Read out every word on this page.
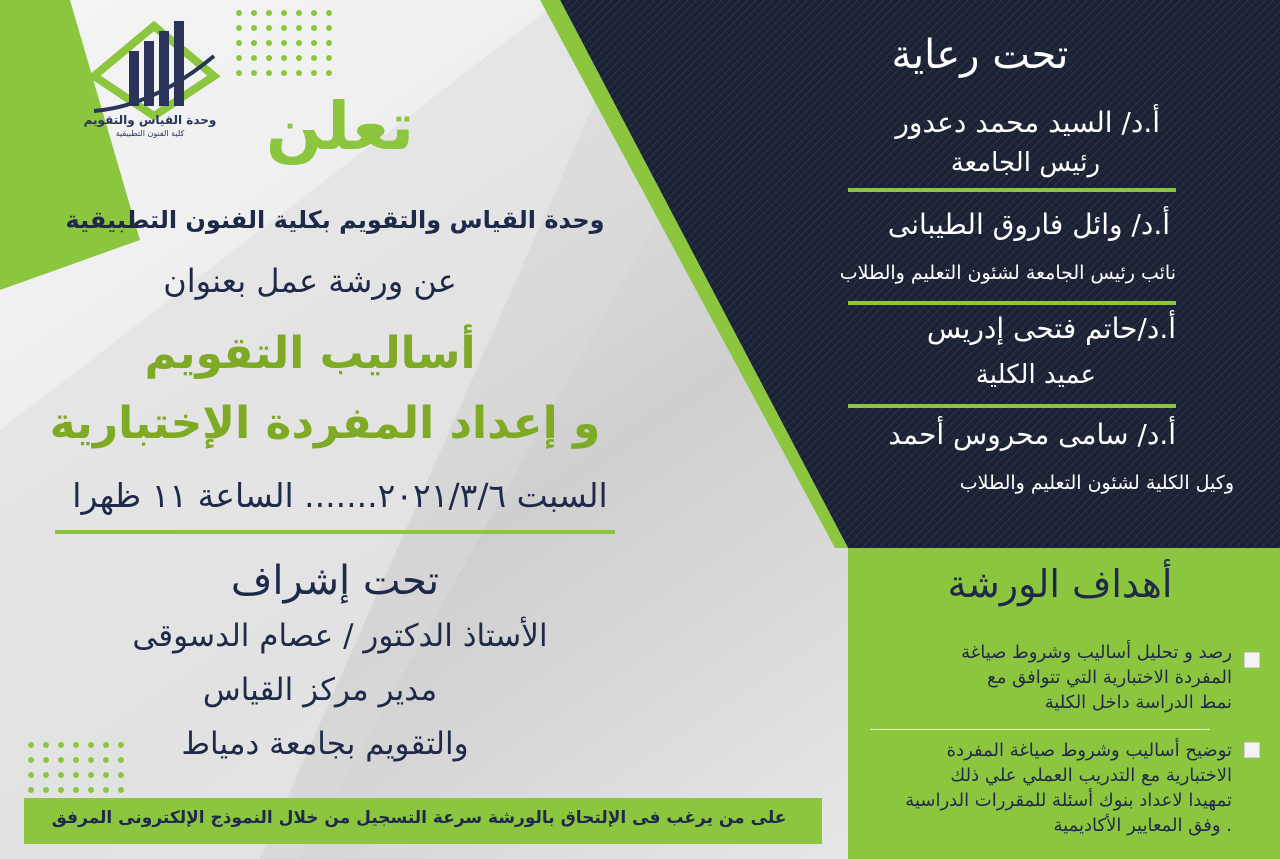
وحدة القياس والتقويم
كلية الفنون التطبيقية	تعلن
وحدة القياس والتقويم بكلية الفنون التطبيقية
عن ورشة عمل بعنوان
أساليب التقويم
و إعداد المفردة الإختبارية
السبت ٢٠٢١/٣/٦....... الساعة ١١ ظهرا
تحت إشراف
الأستاذ الدكتور / عصام الدسوقى
مدير مركز القياس
والتقويم بجامعة دمياط
على من يرغب فى الإلتحاق بالورشة سرعة التسجيل من خلال النموذج الإلكترونى المرفق
تحت رعاية
أ.د/ السيد محمد دعدور
رئيس الجامعة
أ.د/ وائل فاروق الطيبانى
نائب رئيس الجامعة لشئون التعليم والطلاب
أ.د/حاتم فتحى إدريس
عميد الكلية
أ.د/ سامى محروس أحمد
وكيل الكلية لشئون التعليم والطلاب
أهداف الورشة
رصد و تحليل أساليب وشروط صياغة
المفردة الاختبارية التي تتوافق مع
نمط الدراسة داخل الكلية
توضيح أساليب وشروط صياغة المفردة
الاختبارية مع التدريب العملي علي ذلك
تمهيدا لاعداد بنوك أسئلة للمقررات الدراسية
. وفق المعايير الأكاديمية
